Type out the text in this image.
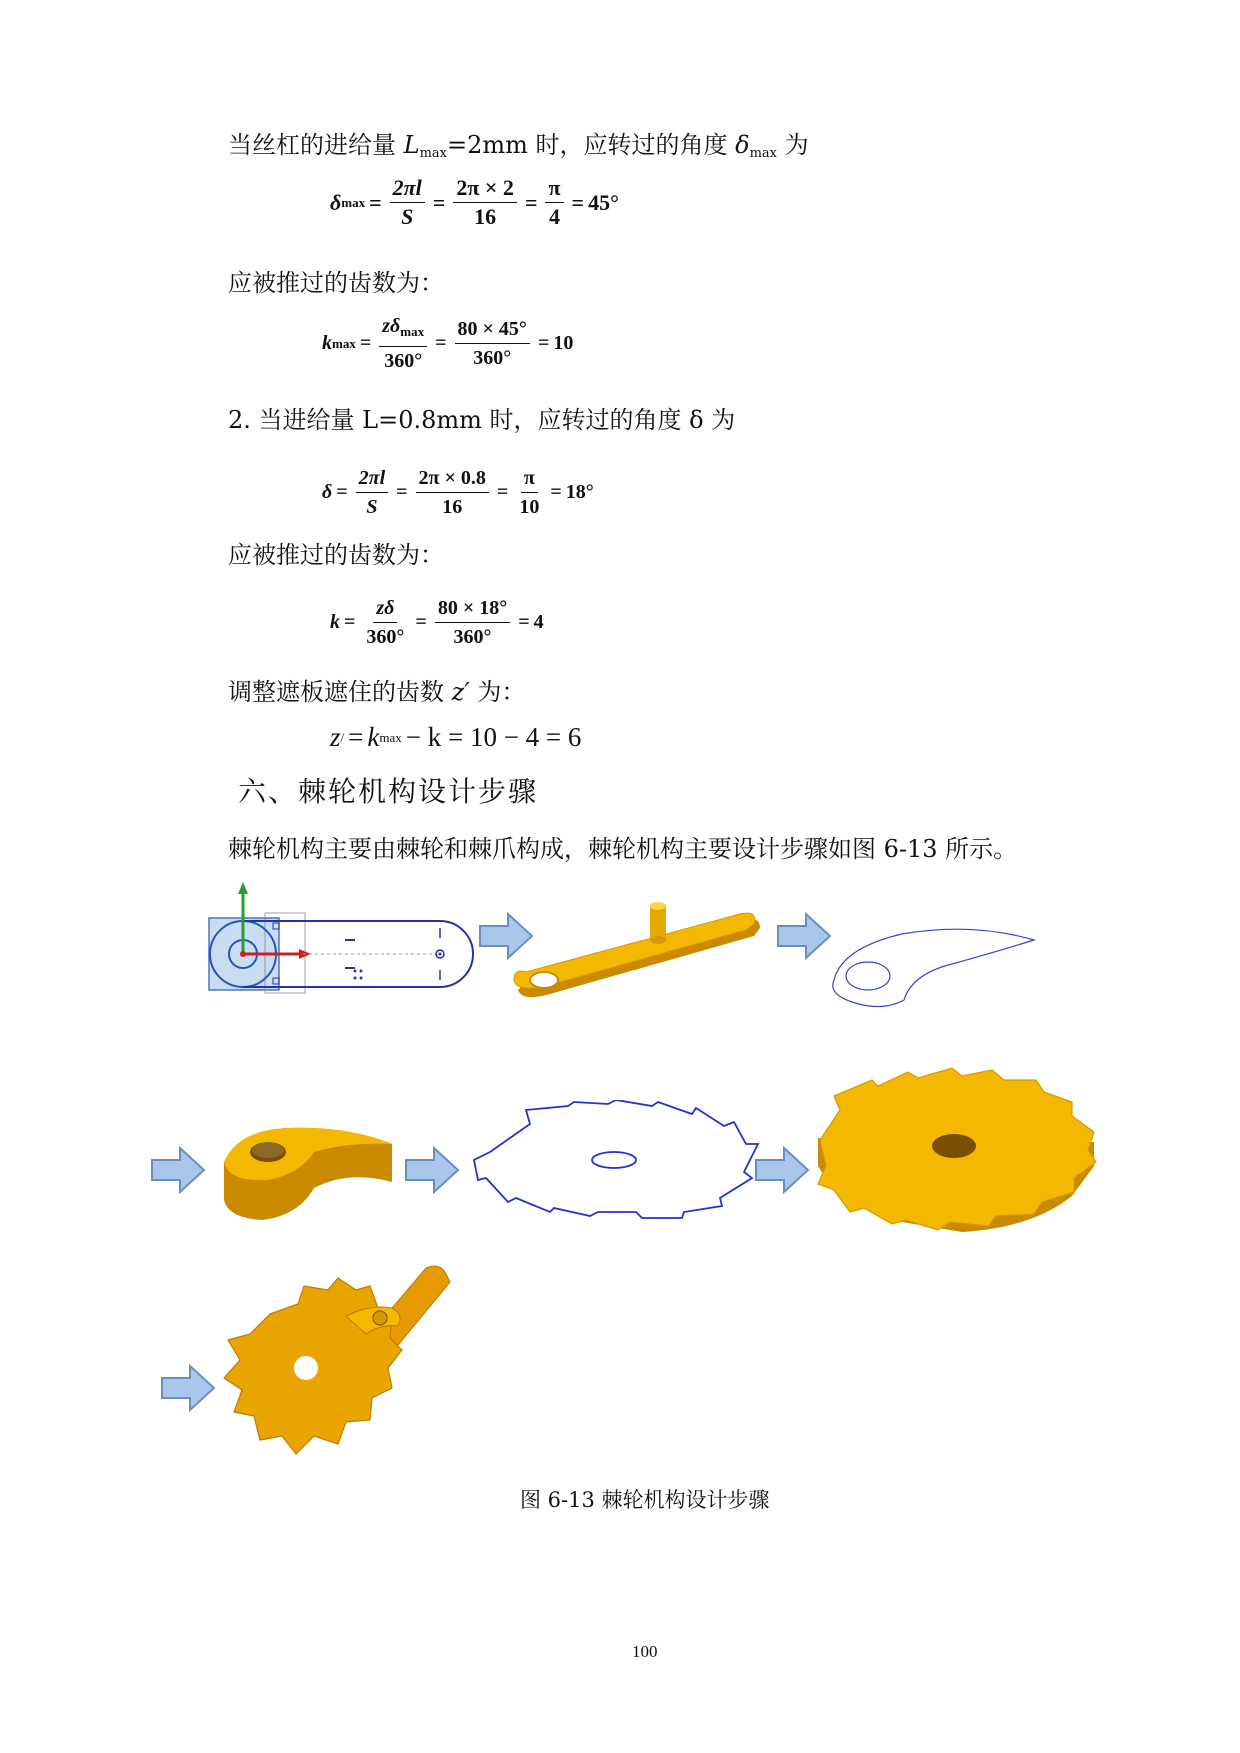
当丝杠的进给量 $L_{max}=2mm$ 时，应转过的角度 $\delta_{max}$ 为
δ $\max = \frac{2\pi l}{S} = \frac{2\pi \times 2}{16} = \frac{\pi}{4} = 45^\circ$
应被推过的齿数为：
k $\max = \frac{z\delta_{max}}{360^\circ} = \frac{80 \times 45^\circ}{360^\circ} = 10$
2. 当进给量 L=0.8mm 时，应转过的角度 δ 为
$\delta = \frac{2\pi l}{S} = \frac{2\pi \times 0.8}{16} = \frac{\pi}{10} = 18^\circ$
应被推过的齿数为：
$k = \frac{z\delta}{360^\circ} = \frac{80 \times 18^\circ}{360^\circ} = 4$
调整遮板遮住的齿数 z′ 为：
z / = k max − k = 10 − 4 = 6
六、棘轮机构设计步骤
棘轮机构主要由棘轮和棘爪构成，棘轮机构主要设计步骤如图 6-13 所示。
图 6-13 棘轮机构设计步骤
100
